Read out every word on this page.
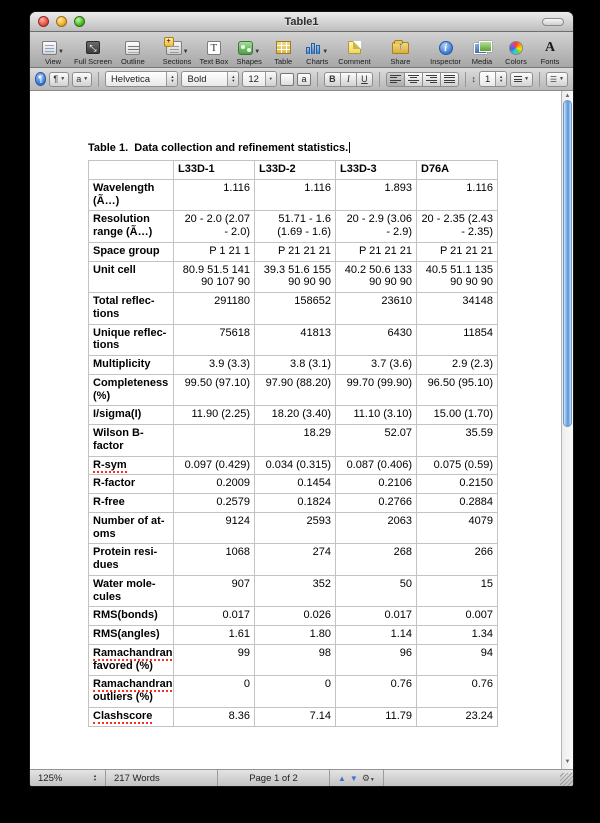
Table1
▼
View
⤡
Full Screen Outline
+
▼
Sections
T
Text Box
▼
Shapes Table
▼
Charts Comment
↑	Share
i
Inspector Media Colors
A
Fonts
¶	¶ ▼ a ▼ Helvetica	▲
▼ Bold	▲
▼ 12	▼	a	B	I	U	↕ 1 ▲
▼	▼	☰ ▼
Table 1.  Data collection and refinement statistics.
	L33D-1	L33D-2	L33D-3	D76A
Wavelength (Ã…)	1.116	1.116	1.893	1.116
Resolution range (Ã…)	20 - 2.0 (2.07 - 2.0)	51.71 - 1.6 (1.69 - 1.6)	20 - 2.9 (3.06 - 2.9)	20 - 2.35 (2.43 - 2.35)
Space group	P 1 21 1	P 21 21 21	P 21 21 21	P 21 21 21
Unit cell	80.9 51.5 141 90 107 90	39.3 51.6 155 90 90 90	40.2 50.6 133 90 90 90	40.5 51.1 135 90 90 90
Total reflec-tions	291180	158652	23610	34148
Unique reflec-tions	75618	41813	6430	11854
Multiplicity	3.9 (3.3)	3.8 (3.1)	3.7 (3.6)	2.9 (2.3)
Completeness (%)	99.50 (97.10)	97.90 (88.20)	99.70 (99.90)	96.50 (95.10)
I/sigma(I)	11.90 (2.25)	18.20 (3.40)	11.10 (3.10)	15.00 (1.70)
Wilson B-factor		18.29	52.07	35.59
R-sym	0.097 (0.429)	0.034 (0.315)	0.087 (0.406)	0.075 (0.59)
R-factor	0.2009	0.1454	0.2106	0.2150
R-free	0.2579	0.1824	0.2766	0.2884
Number of at-oms	9124	2593	2063	4079
Protein resi-dues	1068	274	268	266
Water mole-cules	907	352	50	15
RMS(bonds)	0.017	0.026	0.017	0.007
RMS(angles)	1.61	1.80	1.14	1.34
Ramachandran favored (%)	99	98	96	94
Ramachandran outliers (%)	0	0	0.76	0.76
Clashscore	8.36	7.14	11.79	23.24
▲
▼
125%	▲
▼ 217 Words	Page 1 of 2	▲ ▼ ⚙▼
